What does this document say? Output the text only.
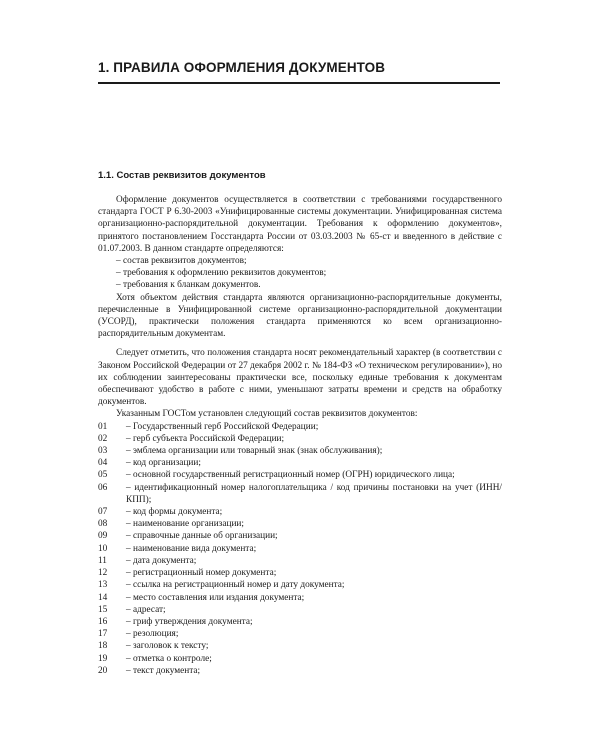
1. ПРАВИЛА ОФОРМЛЕНИЯ ДОКУМЕНТОВ
1.1. Состав реквизитов документов

Оформление документов осуществляется в соответствии с требованиями государственного стандарта ГОСТ Р 6.30-2003 «Унифицированные системы документации. Унифицированная система организационно-распорядительной документации. Требования к оформлению документов», принятого постановлением Госстандарта России от 03.03.2003 № 65-ст и введенного в действие с 01.07.2003. В данном стандарте определяются:

– состав реквизитов документов;

– требования к оформлению реквизитов документов;

– требования к бланкам документов.

Хотя объектом действия стандарта являются организационно-распорядительные документы, перечисленные в Унифицированной системе организационно-распорядительной документации (УСОРД), практически положения стандарта применяются ко всем организационно-распорядительным документам.

Следует отметить, что положения стандарта носят рекомендательный характер (в соответствии с Законом Российской Федерации от 27 декабря 2002 г. № 184-ФЗ «О техническом регулировании»), но их соблюдении заинтересованы практически все, поскольку единые требования к документам обеспечивают удобство в работе с ними, уменьшают затраты времени и средств на обработку документов.

Указанным ГОСТом установлен следующий состав реквизитов документов:

01	– Государственный герб Российской Федерации;
02	– герб субъекта Российской Федерации;
03	– эмблема организации или товарный знак (знак обслуживания);
04	– код организации;
05	– основной государственный регистрационный номер (ОГРН) юридического лица;
06	– идентификационный номер налогоплательщика / код причины постановки на учет (ИНН/КПП);
07	– код формы документа;
08	– наименование организации;
09	– справочные данные об организации;
10	– наименование вида документа;
11	– дата документа;
12	– регистрационный номер документа;
13	– ссылка на регистрационный номер и дату документа;
14	– место составления или издания документа;
15	– адресат;
16	– гриф утверждения документа;
17	– резолюция;
18	– заголовок к тексту;
19	– отметка о контроле;
20	– текст документа;
